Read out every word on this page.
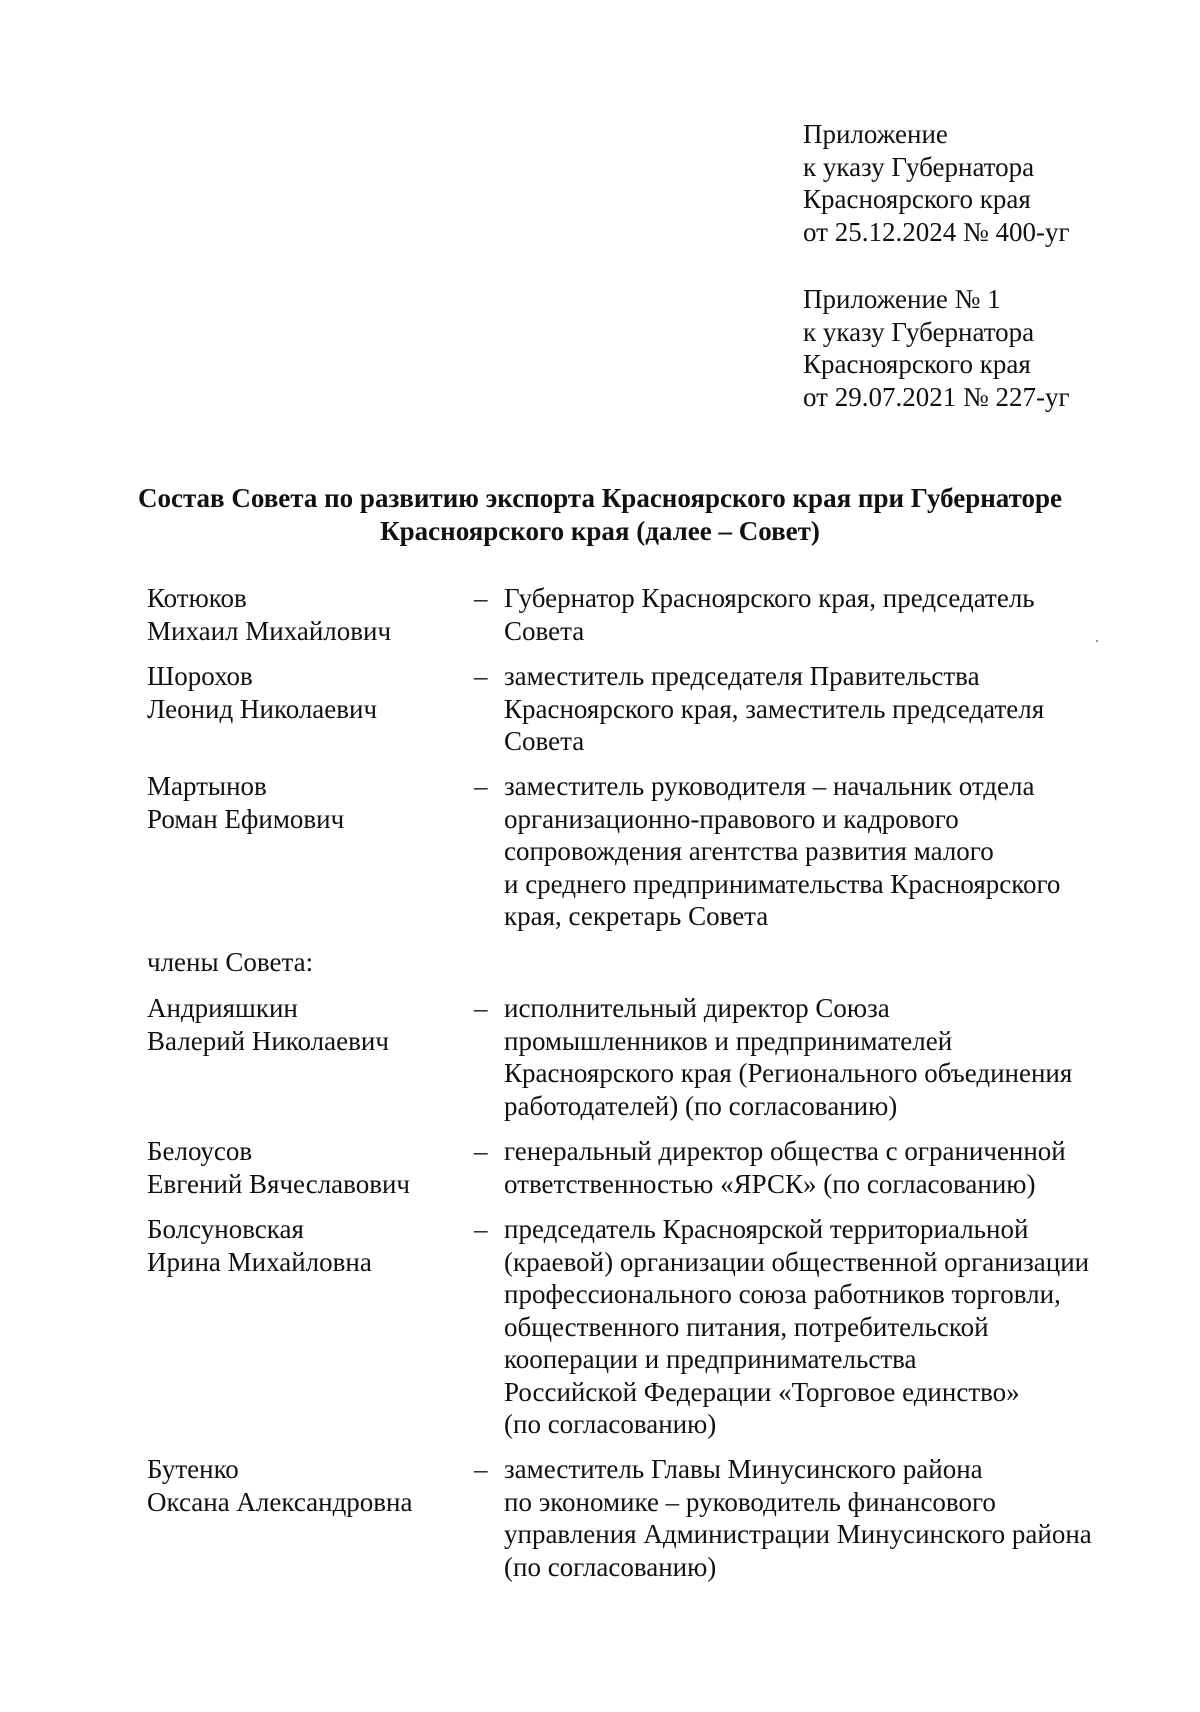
Приложение
к указу Губернатора
Красноярского края
от 25.12.2024 № 400-уг
Приложение № 1
к указу Губернатора
Красноярского края
от 29.07.2021 № 227-уг
Состав Совета по развитию экспорта Красноярского края при Губернаторе
Красноярского края (далее – Совет)
Котюков
Михаил Михайлович
– Губернатор Красноярского края, председатель
Совета
Шорохов
Леонид Николаевич
– заместитель председателя Правительства
Красноярского края, заместитель председателя
Совета
Мартынов
Роман Ефимович
– заместитель руководителя – начальник отдела
организационно-правового и кадрового
сопровождения агентства развития малого
и среднего предпринимательства Красноярского
края, секретарь Совета
члены Совета:
Андрияшкин
Валерий Николаевич
– исполнительный директор Союза
промышленников и предпринимателей
Красноярского края (Регионального объединения
работодателей) (по согласованию)
Белоусов
Евгений Вячеславович
– генеральный директор общества с ограниченной
ответственностью «ЯРСК» (по согласованию)
Болсуновская
Ирина Михайловна
– председатель Красноярской территориальной
(краевой) организации общественной организации
профессионального союза работников торговли,
общественного питания, потребительской
кооперации и предпринимательства
Российской Федерации «Торговое единство»
(по согласованию)
Бутенко
Оксана Александровна
– заместитель Главы Минусинского района
по экономике – руководитель финансового
управления Администрации Минусинского района
(по согласованию)
